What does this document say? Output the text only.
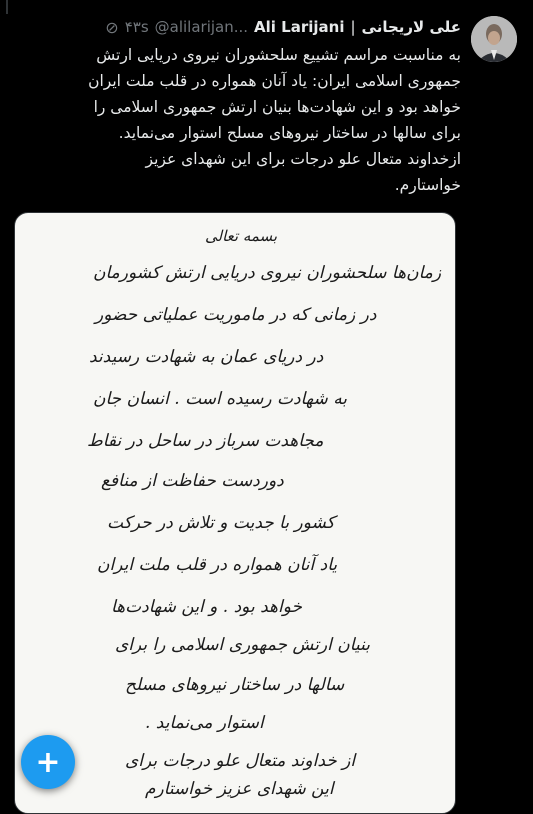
⊘ ۴۳s @alilarijan... Ali Larijani | علی لاریجانی

به مناسبت مراسم تشییع سلحشوران نیروی دریایی ارتش

جمهوری اسلامی ایران: یاد آنان همواره در قلب ملت ایران

خواهد بود و این شهادت‌ها بنیان ارتش جمهوری اسلامی را

برای سالها در ساختار نیروهای مسلح استوار می‌نماید.

ازخداوند متعال علو درجات برای این شهدای عزیز

خواستارم.

بسمه تعالی
زمان‌ها سلحشوران نیروی دریایی ارتش کشورمان
در زمانی که در ماموریت عملیاتی حضور
در دریای عمان به شهادت رسیدند
به شهادت رسیده است . انسان جان
مجاهدت سرباز در ساحل در نقاط
دوردست حفاظت از منافع
کشور با جدیت و تلاش در حرکت
یاد آنان همواره در قلب ملت ایران
خواهد بود . و این شهادت‌ها
بنیان ارتش جمهوری اسلامی را برای
سالها در ساختار نیروهای مسلح
استوار می‌نماید .
از خداوند متعال علو درجات برای
این شهدای عزیز خواستارم
+
